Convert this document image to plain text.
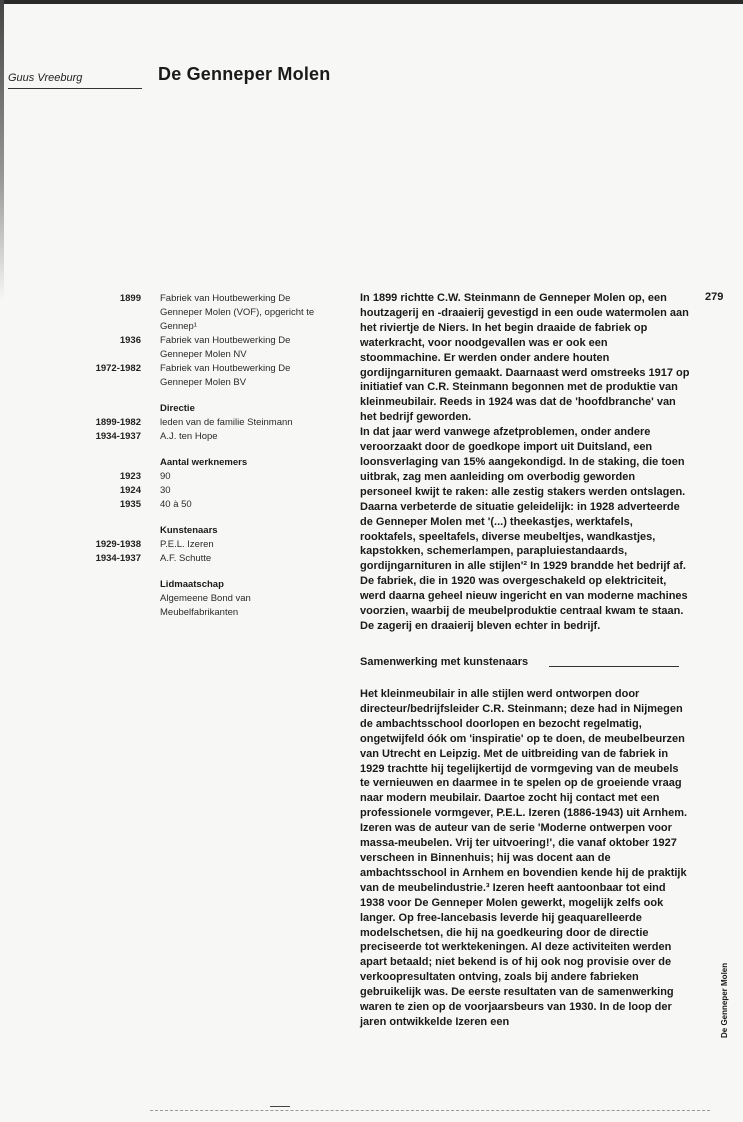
Guus Vreeburg	De Genneper Molen
279
1899	Fabriek van Houtbewerking De Genneper Molen (VOF), opgericht te Gennep¹
1936	Fabriek van Houtbewerking De Genneper Molen NV
1972-1982	Fabriek van Houtbewerking De Genneper Molen BV
Directie
1899-1982	leden van de familie Steinmann
1934-1937	A.J. ten Hope
Aantal werknemers
1923	90
1924	30
1935	40 à 50
Kunstenaars
1929-1938	P.E.L. Izeren
1934-1937	A.F. Schutte
Lidmaatschap
Algemeene Bond van Meubelfabrikanten

In 1899 richtte C.W. Steinmann de Genneper Molen op, een houtzagerij en -draaierij gevestigd in een oude watermolen aan het riviertje de Niers. In het begin draaide de fabriek op waterkracht, voor noodgevallen was er ook een stoommachine. Er werden onder andere houten gordijngarnituren gemaakt. Daarnaast werd omstreeks 1917 op initiatief van C.R. Steinmann begonnen met de produktie van kleinmeubilair. Reeds in 1924 was dat de 'hoofdbranche' van het bedrijf geworden.

In dat jaar werd vanwege afzetproblemen, onder andere veroorzaakt door de goedkope import uit Duitsland, een loonsverlaging van 15% aangekondigd. In de staking, die toen uitbrak, zag men aanleiding om overbodig geworden personeel kwijt te raken: alle zestig stakers werden ontslagen. Daarna verbeterde de situatie geleidelijk: in 1928 adverteerde de Genneper Molen met '(...) theekastjes, werktafels, rooktafels, speeltafels, diverse meubeltjes, wandkastjes, kapstokken, schemerlampen, parapluiestandaards, gordijngarnituren in alle stijlen'² In 1929 brandde het bedrijf af. De fabriek, die in 1920 was overgeschakeld op elektriciteit, werd daarna geheel nieuw ingericht en van moderne machines voorzien, waarbij de meubelproduktie centraal kwam te staan. De zagerij en draaierij bleven echter in bedrijf.

Samenwerking met kunstenaars

Het kleinmeubilair in alle stijlen werd ontworpen door directeur/bedrijfsleider C.R. Steinmann; deze had in Nijmegen de ambachtsschool doorlopen en bezocht regelmatig, ongetwijfeld óók om 'inspiratie' op te doen, de meubelbeurzen van Utrecht en Leipzig. Met de uitbreiding van de fabriek in 1929 trachtte hij tegelijkertijd de vormgeving van de meubels te vernieuwen en daarmee in te spelen op de groeiende vraag naar modern meubilair. Daartoe zocht hij contact met een professionele vormgever, P.E.L. Izeren (1886-1943) uit Arnhem. Izeren was de auteur van de serie 'Moderne ontwerpen voor massa-meubelen. Vrij ter uitvoering!', die vanaf oktober 1927 verscheen in Binnenhuis; hij was docent aan de ambachtsschool in Arnhem en bovendien kende hij de praktijk van de meubelindustrie.³ Izeren heeft aantoonbaar tot eind 1938 voor De Genneper Molen gewerkt, mogelijk zelfs ook langer. Op free-lancebasis leverde hij geaquarelleerde modelschetsen, die hij na goedkeuring door de directie preciseerde tot werktekeningen. Al deze activiteiten werden apart betaald; niet bekend is of hij ook nog provisie over de verkoopresultaten ontving, zoals bij andere fabrieken gebruikelijk was. De eerste resultaten van de samenwerking waren te zien op de voorjaarsbeurs van 1930. In de loop der jaren ontwikkelde Izeren een	De Genneper Molen
